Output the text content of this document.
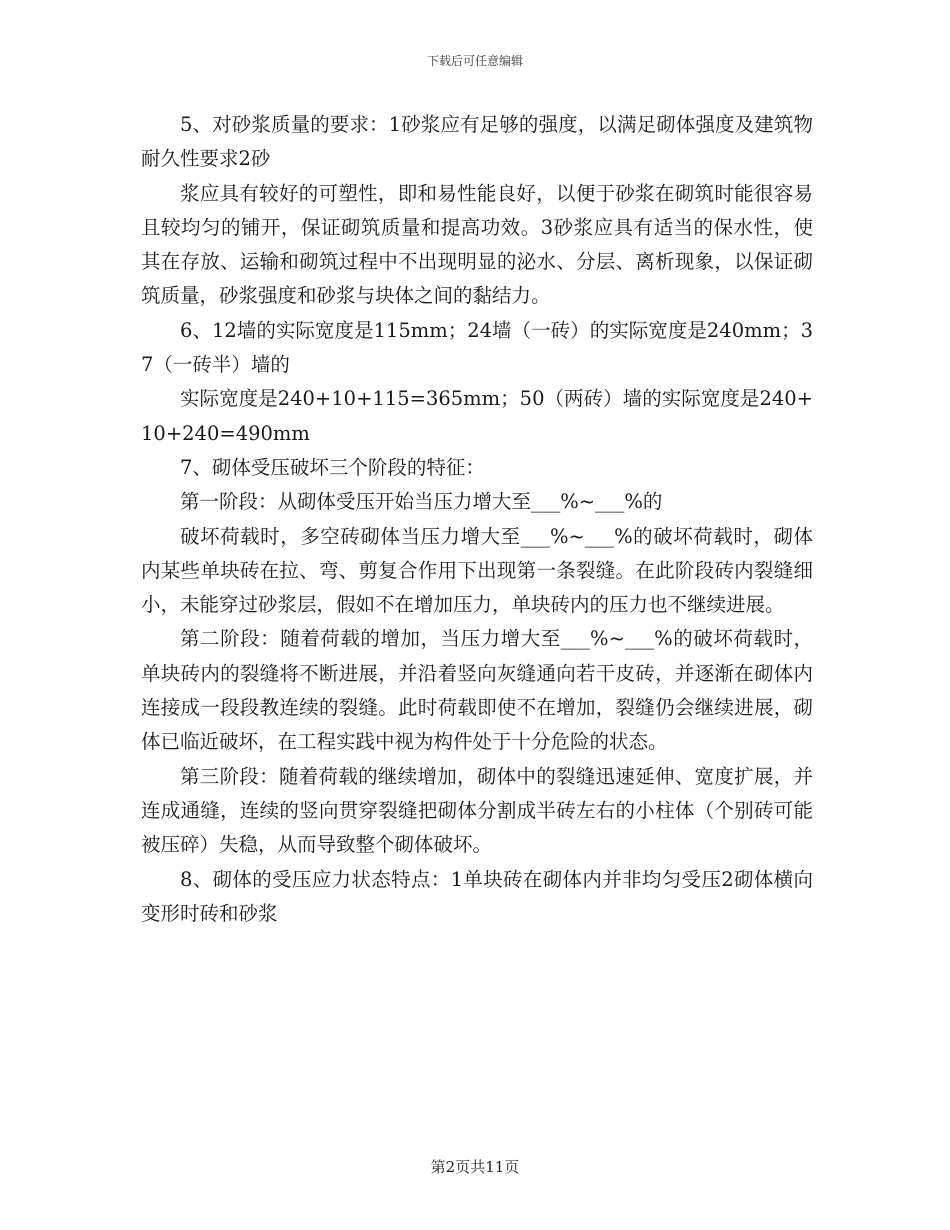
下载后可任意编辑

5、对砂浆质量的要求：1砂浆应有足够的强度，以满足砌体强度及建筑物耐久性要求2砂

浆应具有较好的可塑性，即和易性能良好，以便于砂浆在砌筑时能很容易且较均匀的铺开，保证砌筑质量和提高功效。3砂浆应具有适当的保水性，使其在存放、运输和砌筑过程中不出现明显的泌水、分层、离析现象，以保证砌筑质量，砂浆强度和砂浆与块体之间的黏结力。

6、12墙的实际宽度是115mm；24墙（一砖）的实际宽度是240mm；37（一砖半）墙的

实际宽度是240+10+115=365mm；50（两砖）墙的实际宽度是240+10+240=490mm

7、砌体受压破坏三个阶段的特征：

第一阶段：从砌体受压开始当压力增大至___%~___%的

破坏荷载时，多空砖砌体当压力增大至___%~___%的破坏荷载时，砌体内某些单块砖在拉、弯、剪复合作用下出现第一条裂缝。在此阶段砖内裂缝细小，未能穿过砂浆层，假如不在增加压力，单块砖内的压力也不继续进展。

第二阶段：随着荷载的增加，当压力增大至___%~___%的破坏荷载时，单块砖内的裂缝将不断进展，并沿着竖向灰缝通向若干皮砖，并逐渐在砌体内连接成一段段教连续的裂缝。此时荷载即使不在增加，裂缝仍会继续进展，砌体已临近破坏，在工程实践中视为构件处于十分危险的状态。

第三阶段：随着荷载的继续增加，砌体中的裂缝迅速延伸、宽度扩展，并连成通缝，连续的竖向贯穿裂缝把砌体分割成半砖左右的小柱体（个别砖可能被压碎）失稳，从而导致整个砌体破坏。

8、砌体的受压应力状态特点：1单块砖在砌体内并非均匀受压2砌体横向变形时砖和砂浆

第2页共11页
